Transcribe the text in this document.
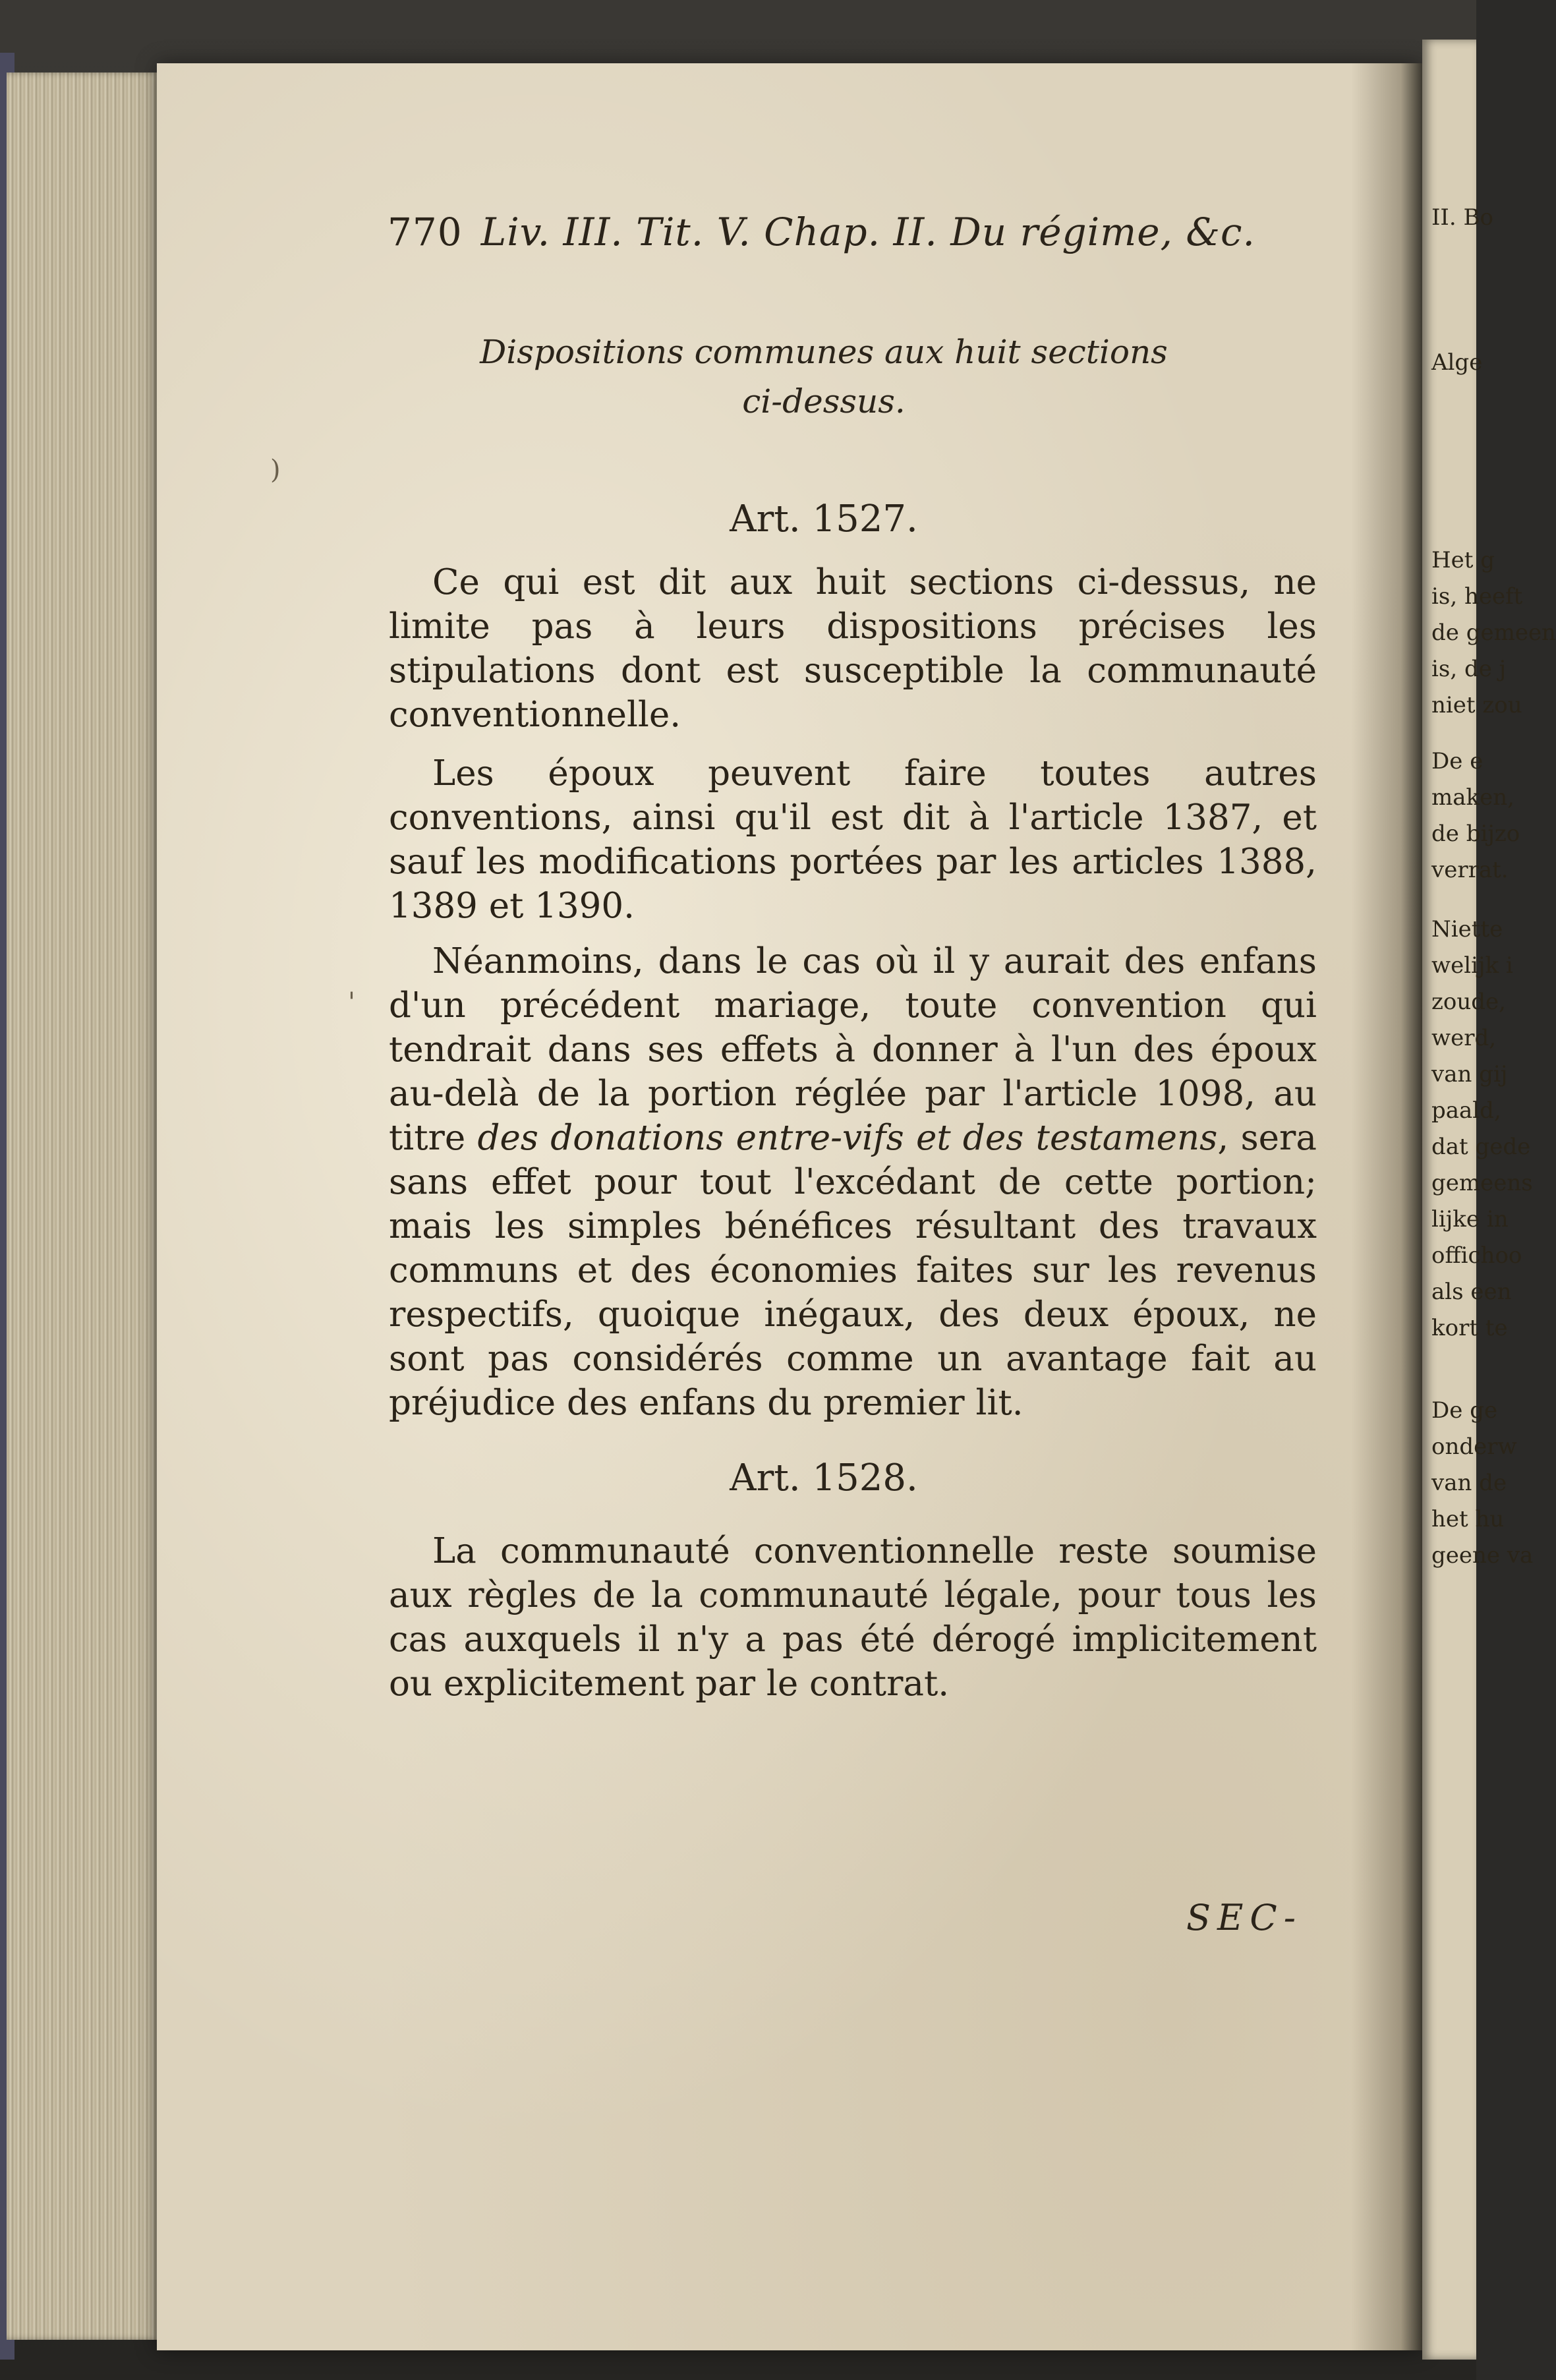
770 Liv. III. Tit. V. Chap. II. Du régime, &c.
Dispositions communes aux huit sections
ci-dessus.
Art. 1527.
Ce qui est dit aux huit sections ci-dessus, ne limite pas à leurs dispositions précises les stipulations dont est susceptible la communauté conventionnelle.
Les époux peuvent faire toutes autres conventions, ainsi qu'il est dit à l'article 1387, et sauf les modifications portées par les articles 1388, 1389 et 1390.
Néanmoins, dans le cas où il y aurait des enfans d'un précédent mariage, toute convention qui tendrait dans ses effets à donner à l'un des époux au-delà de la portion réglée par l'article 1098, au titre des donations entre-vifs et des testamens, sera sans effet pour tout l'excédant de cette portion; mais les simples bénéfices résultant des travaux communs et des économies faites sur les revenus respectifs, quoique inégaux, des deux époux, ne sont pas considérés comme un avantage fait au préjudice des enfans du premier lit.
Art. 1528.
La communauté conventionnelle reste soumise aux règles de la communauté légale, pour tous les cas auxquels il n'y a pas été dérogé implicitement ou explicitement par le contrat.
SEC-
)
'
II. Bo
Alge
Het g
is, heeft
de gemeen
is, de j
niet zou
De e
maken,
de bijzo
verrat.
Niette
welijk i
zoude,
werd,
van gij
paald,
dat gede
gemeens
lijke in
offichoo
als een
kort te
De ge
onderw
van de
het hu
geene va
